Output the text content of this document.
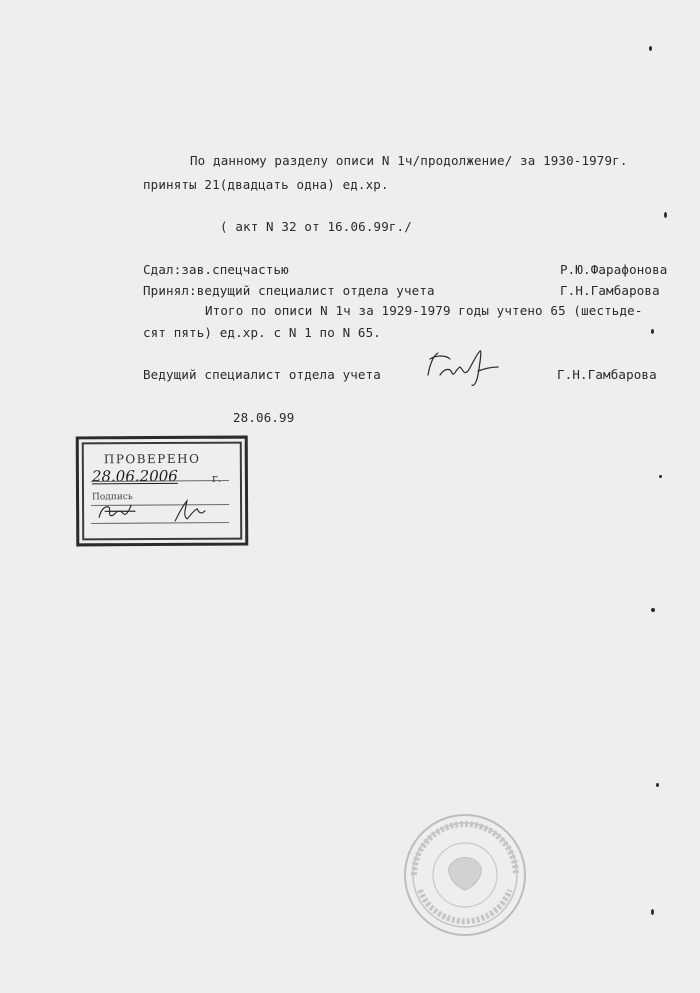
По данному разделу описи N 1ч/продолжение/ за 1930-1979г.
приняты 21(двадцать одна) ед.хр.
( акт N 32 от 16.06.99г./
Сдал:зав.спецчастью	Р.Ю.Фарафонова
Принял:ведущий специалист отдела учета	Г.Н.Гамбарова
Итого по описи N 1ч за 1929-1979 годы учтено 65 (шестьде-
сят пять) ед.хр. с N 1 по N 65.
Ведущий специалист отдела учета	Г.Н.Гамбарова
28.06.99
ПРОВЕРЕНО
28.06.2006	г.
Подпись
